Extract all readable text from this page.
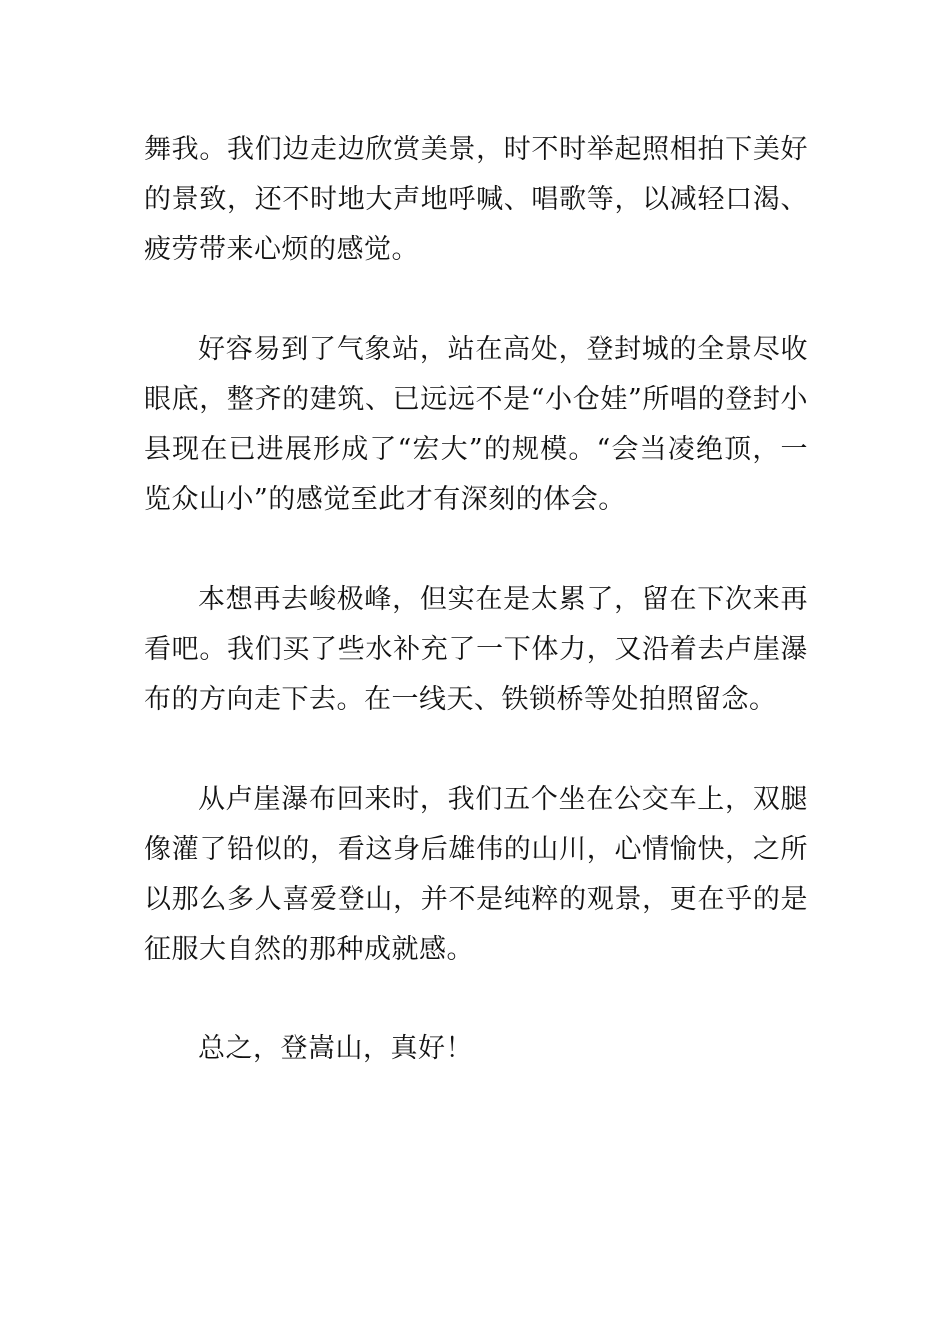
舞我。我们边走边欣赏美景，时不时举起照相拍下美好的景致，还不时地大声地呼喊、唱歌等，以减轻口渴、疲劳带来心烦的感觉。

好容易到了气象站，站在高处，登封城的全景尽收眼底，整齐的建筑、已远远不是“小仓娃”所唱的登封小县现在已进展形成了“宏大”的规模。“会当凌绝顶，一览众山小”的感觉至此才有深刻的体会。

本想再去峻极峰，但实在是太累了，留在下次来再看吧。我们买了些水补充了一下体力，又沿着去卢崖瀑布的方向走下去。在一线天、铁锁桥等处拍照留念。

从卢崖瀑布回来时，我们五个坐在公交车上，双腿像灌了铅似的，看这身后雄伟的山川，心情愉快，之所以那么多人喜爱登山，并不是纯粹的观景，更在乎的是征服大自然的那种成就感。

总之，登嵩山，真好！
